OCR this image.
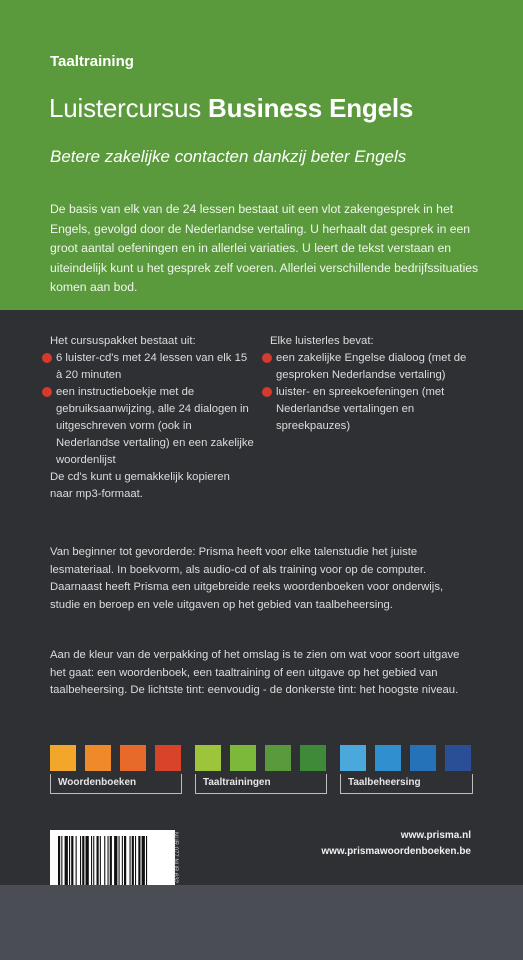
Taaltraining
Luistercursus Business Engels
Betere zakelijke contacten dankzij beter Engels

De basis van elk van de 24 lessen bestaat uit een vlot zakengesprek in het Engels, gevolgd door de Nederlandse vertaling. U herhaalt dat gesprek in een groot aantal oefeningen en in allerlei variaties. U leert de tekst verstaan en uiteindelijk kunt u het gesprek zelf voeren. Allerlei verschillende bedrijfssituaties komen aan bod.

Het cursuspakket bestaat uit:

6 luister-cd's met 24 lessen van elk 15 à 20 minuten

een instructieboekje met de gebruiksaanwijzing, alle 24 dialogen in uitgeschreven vorm (ook in Nederlandse vertaling) en een zakelijke woordenlijst

De cd's kunt u gemakkelijk kopieren naar mp3-formaat.

Elke luisterles bevat:

een zakelijke Engelse dialoog (met de gesproken Nederlandse vertaling)

luister- en spreekoefeningen (met Nederlandse vertalingen en spreekpauzes)

Van beginner tot gevorderde: Prisma heeft voor elke talenstudie het juiste lesmateriaal. In boekvorm, als audio-cd of als training voor op de computer. Daarnaast heeft Prisma een uitgebreide reeks woordenboeken voor onderwijs, studie en beroep en vele uitgaven op het gebied van taalbeheersing.

Aan de kleur van de verpakking of het omslag is te zien om wat voor soort uitgave het gaat: een woordenboek, een taaltraining of een uitgave op het gebied van taalbeheersing. De lichtste tint: eenvoudig - de donkerste tint: het hoogste niveau.

Woordenboeken	Taaltrainingen	Taalbeheersing
NUR 077 NUR 632	www.prisma.nl
www.prismawoordenboeken.be
